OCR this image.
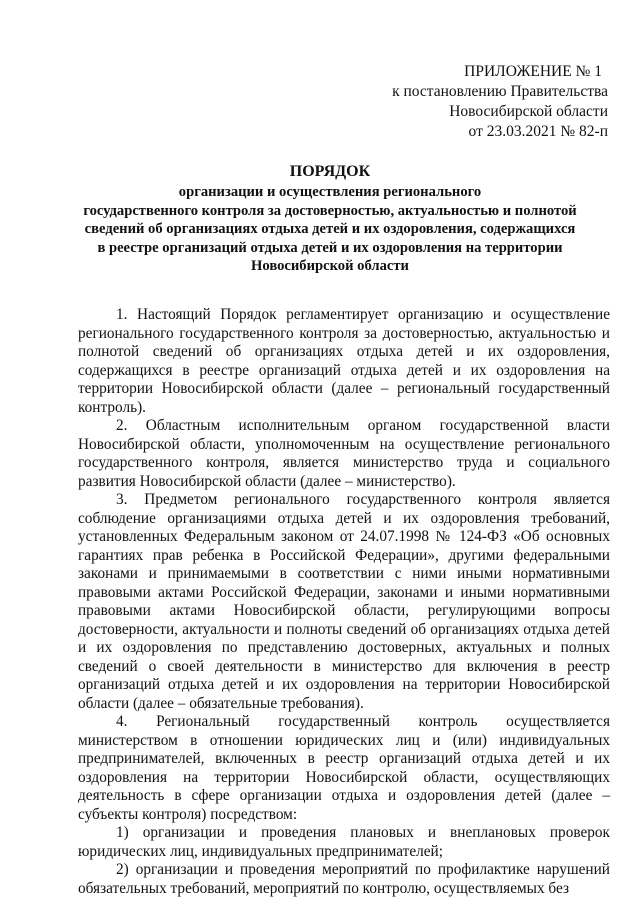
ПРИЛОЖЕНИЕ № 1
к постановлению Правительства
Новосибирской области
от 23.03.2021 № 82-п
ПОРЯДОК
организации и осуществления регионального
государственного контроля за достоверностью, актуальностью и полнотой
сведений об организациях отдыха детей и их оздоровления, содержащихся
в реестре организаций отдыха детей и их оздоровления на территории
Новосибирской области

1. Настоящий Порядок регламентирует организацию и осуществление регионального государственного контроля за достоверностью, актуальностью и полнотой сведений об организациях отдыха детей и их оздоровления, содержащихся в реестре организаций отдыха детей и их оздоровления на территории Новосибирской области (далее – региональный государственный контроль).

2. Областным исполнительным органом государственной власти Новосибирской области, уполномоченным на осуществление регионального государственного контроля, является министерство труда и социального развития Новосибирской области (далее – министерство).

3. Предметом регионального государственного контроля является соблюдение организациями отдыха детей и их оздоровления требований, установленных Федеральным законом от 24.07.1998 № 124-ФЗ «Об основных гарантиях прав ребенка в Российской Федерации», другими федеральными законами и принимаемыми в соответствии с ними иными нормативными правовыми актами Российской Федерации, законами и иными нормативными правовыми актами Новосибирской области, регулирующими вопросы достоверности, актуальности и полноты сведений об организациях отдыха детей и их оздоровления по представлению достоверных, актуальных и полных сведений о своей деятельности в министерство для включения в реестр организаций отдыха детей и их оздоровления на территории Новосибирской области (далее – обязательные требования).

4. Региональный государственный контроль осуществляется министерством в отношении юридических лиц и (или) индивидуальных предпринимателей, включенных в реестр организаций отдыха детей и их оздоровления на территории Новосибирской области, осуществляющих деятельность в сфере организации отдыха и оздоровления детей (далее – субъекты контроля) посредством:

1) организации и проведения плановых и внеплановых проверок юридических лиц, индивидуальных предпринимателей;

2) организации и проведения мероприятий по профилактике нарушений обязательных требований, мероприятий по контролю, осуществляемых без
